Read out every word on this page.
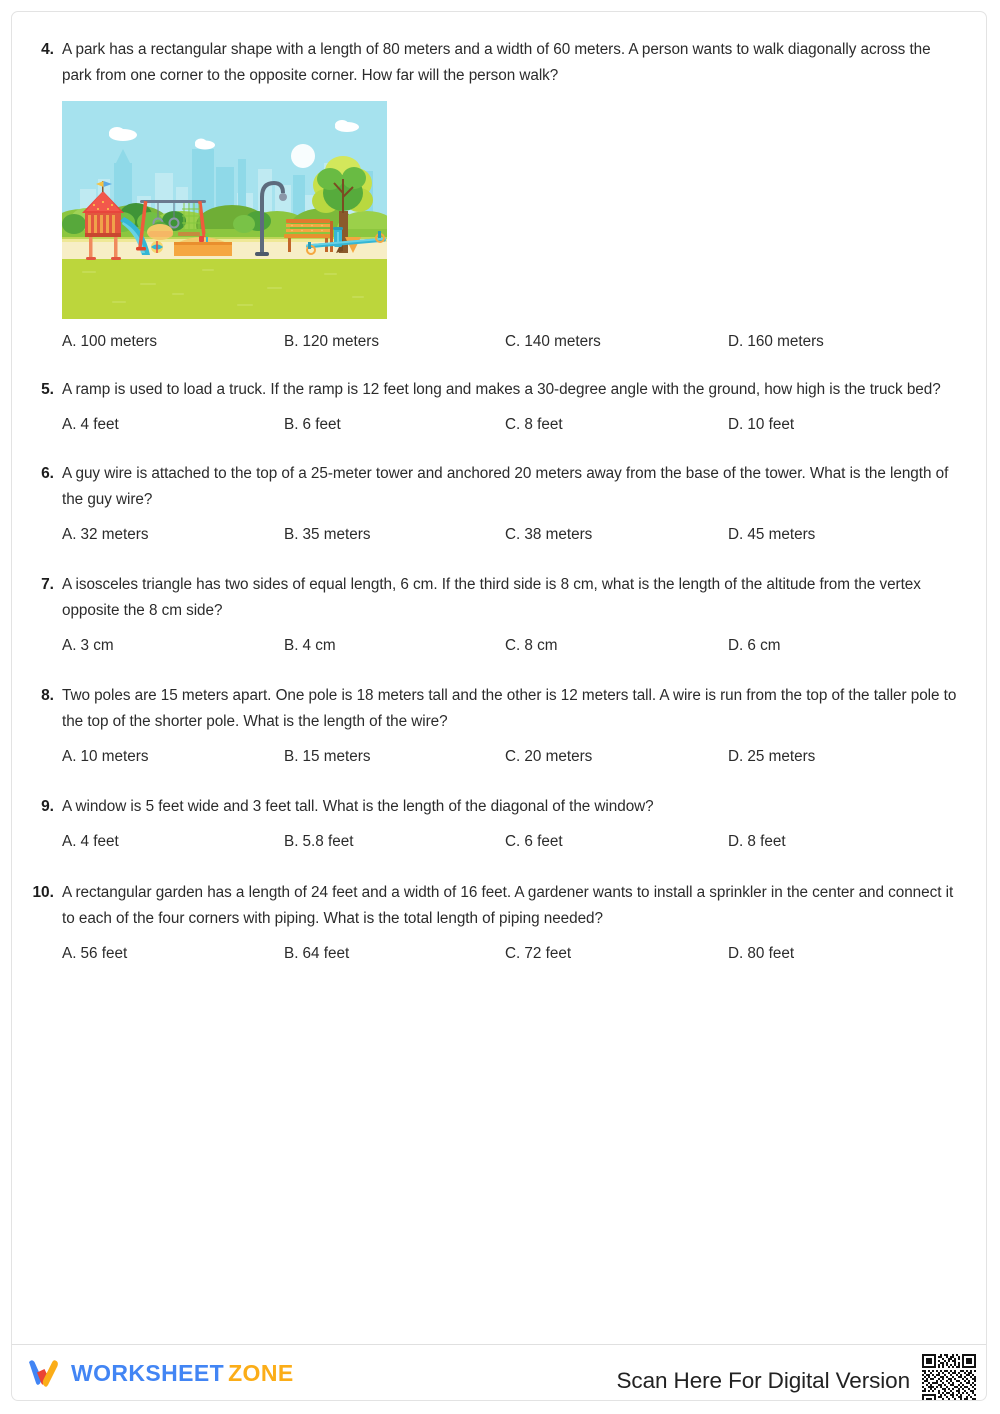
4. A park has a rectangular shape with a length of 80 meters and a width of 60 meters. A person wants to walk diagonally across the park from one corner to the opposite corner. How far will the person walk?
A. 100 meters	B. 120 meters	C. 140 meters	D. 160 meters
5. A ramp is used to load a truck. If the ramp is 12 feet long and makes a 30-degree angle with the ground, how high is the truck bed?
A. 4 feet	B. 6 feet	C. 8 feet	D. 10 feet
6. A guy wire is attached to the top of a 25-meter tower and anchored 20 meters away from the base of the tower. What is the length of the guy wire?
A. 32 meters	B. 35 meters	C. 38 meters	D. 45 meters
7. A isosceles triangle has two sides of equal length, 6 cm. If the third side is 8 cm, what is the length of the altitude from the vertex opposite the 8 cm side?
A. 3 cm	B. 4 cm	C. 8 cm	D. 6 cm
8. Two poles are 15 meters apart. One pole is 18 meters tall and the other is 12 meters tall. A wire is run from the top of the taller pole to the top of the shorter pole. What is the length of the wire?
A. 10 meters	B. 15 meters	C. 20 meters	D. 25 meters
9. A window is 5 feet wide and 3 feet tall. What is the length of the diagonal of the window?
A. 4 feet	B. 5.8 feet	C. 6 feet	D. 8 feet
10. A rectangular garden has a length of 24 feet and a width of 16 feet. A gardener wants to install a sprinkler in the center and connect it to each of the four corners with piping. What is the total length of piping needed?
A. 56 feet	B. 64 feet	C. 72 feet	D. 80 feet
WORKSHEET ZONE	Scan Here For Digital Version
